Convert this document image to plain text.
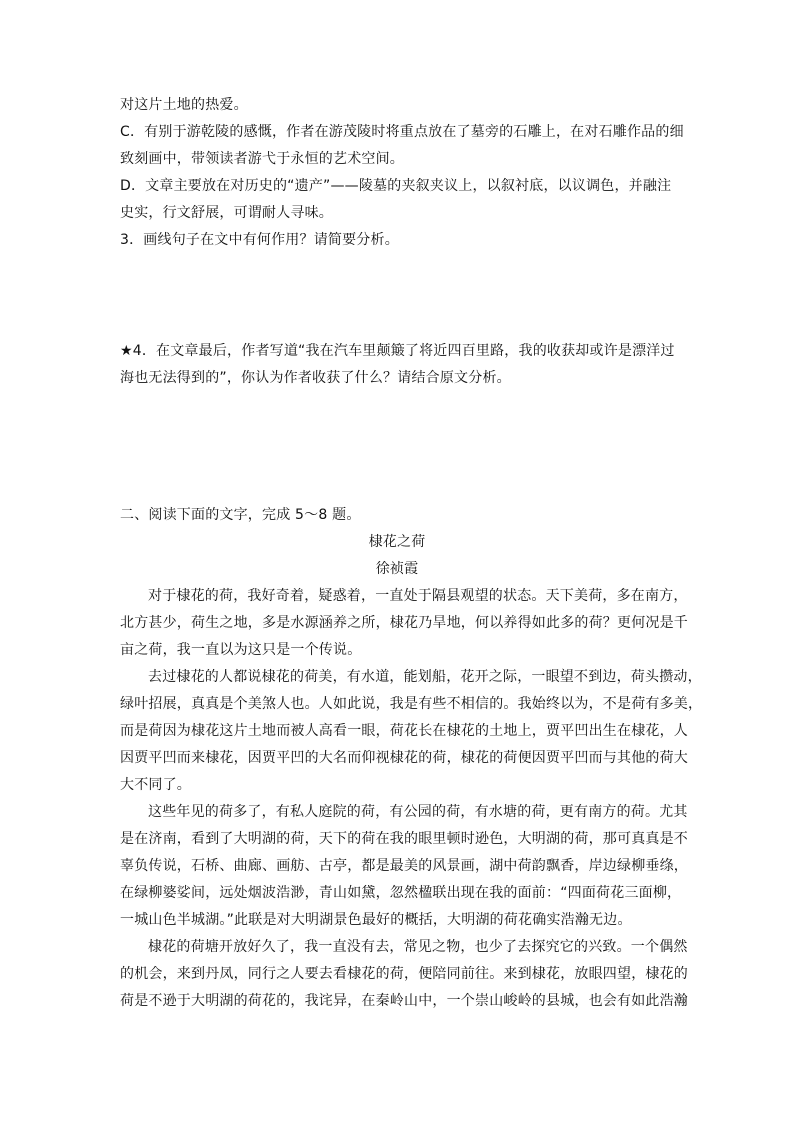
对这片土地的热爱。
C．有别于游乾陵的感慨，作者在游茂陵时将重点放在了墓旁的石雕上，在对石雕作品的细
致刻画中，带领读者游弋于永恒的艺术空间。
D．文章主要放在对历史的“遗产”——陵墓的夹叙夹议上，以叙衬底，以议调色，并融注
史实，行文舒展，可谓耐人寻味。
3．画线句子在文中有何作用？请简要分析。
★4．在文章最后，作者写道“我在汽车里颠簸了将近四百里路，我的收获却或许是漂洋过
海也无法得到的”，你认为作者收获了什么？请结合原文分析。
二、阅读下面的文字，完成 5～8 题。
棣花之荷
徐祯霞
对于棣花的荷，我好奇着，疑惑着，一直处于隔县观望的状态。天下美荷，多在南方，
北方甚少，荷生之地，多是水源涵养之所，棣花乃旱地，何以养得如此多的荷？更何况是千
亩之荷，我一直以为这只是一个传说。
去过棣花的人都说棣花的荷美，有水道，能划船，花开之际，一眼望不到边，荷头攒动，
绿叶招展，真真是个美煞人也。人如此说，我是有些不相信的。我始终以为，不是荷有多美，
而是荷因为棣花这片土地而被人高看一眼，荷花长在棣花的土地上，贾平凹出生在棣花，人
因贾平凹而来棣花，因贾平凹的大名而仰视棣花的荷，棣花的荷便因贾平凹而与其他的荷大
大不同了。
这些年见的荷多了，有私人庭院的荷，有公园的荷，有水塘的荷，更有南方的荷。尤其
是在济南，看到了大明湖的荷，天下的荷在我的眼里顿时逊色，大明湖的荷，那可真真是不
辜负传说，石桥、曲廊、画舫、古亭，都是最美的风景画，湖中荷韵飘香，岸边绿柳垂绦，
在绿柳婆娑间，远处烟波浩渺，青山如黛，忽然楹联出现在我的面前：“四面荷花三面柳，
一城山色半城湖。”此联是对大明湖景色最好的概括，大明湖的荷花确实浩瀚无边。
棣花的荷塘开放好久了，我一直没有去，常见之物，也少了去探究它的兴致。一个偶然
的机会，来到丹凤，同行之人要去看棣花的荷，便陪同前往。来到棣花，放眼四望，棣花的
荷是不逊于大明湖的荷花的，我诧异，在秦岭山中，一个崇山峻岭的县城，也会有如此浩瀚
